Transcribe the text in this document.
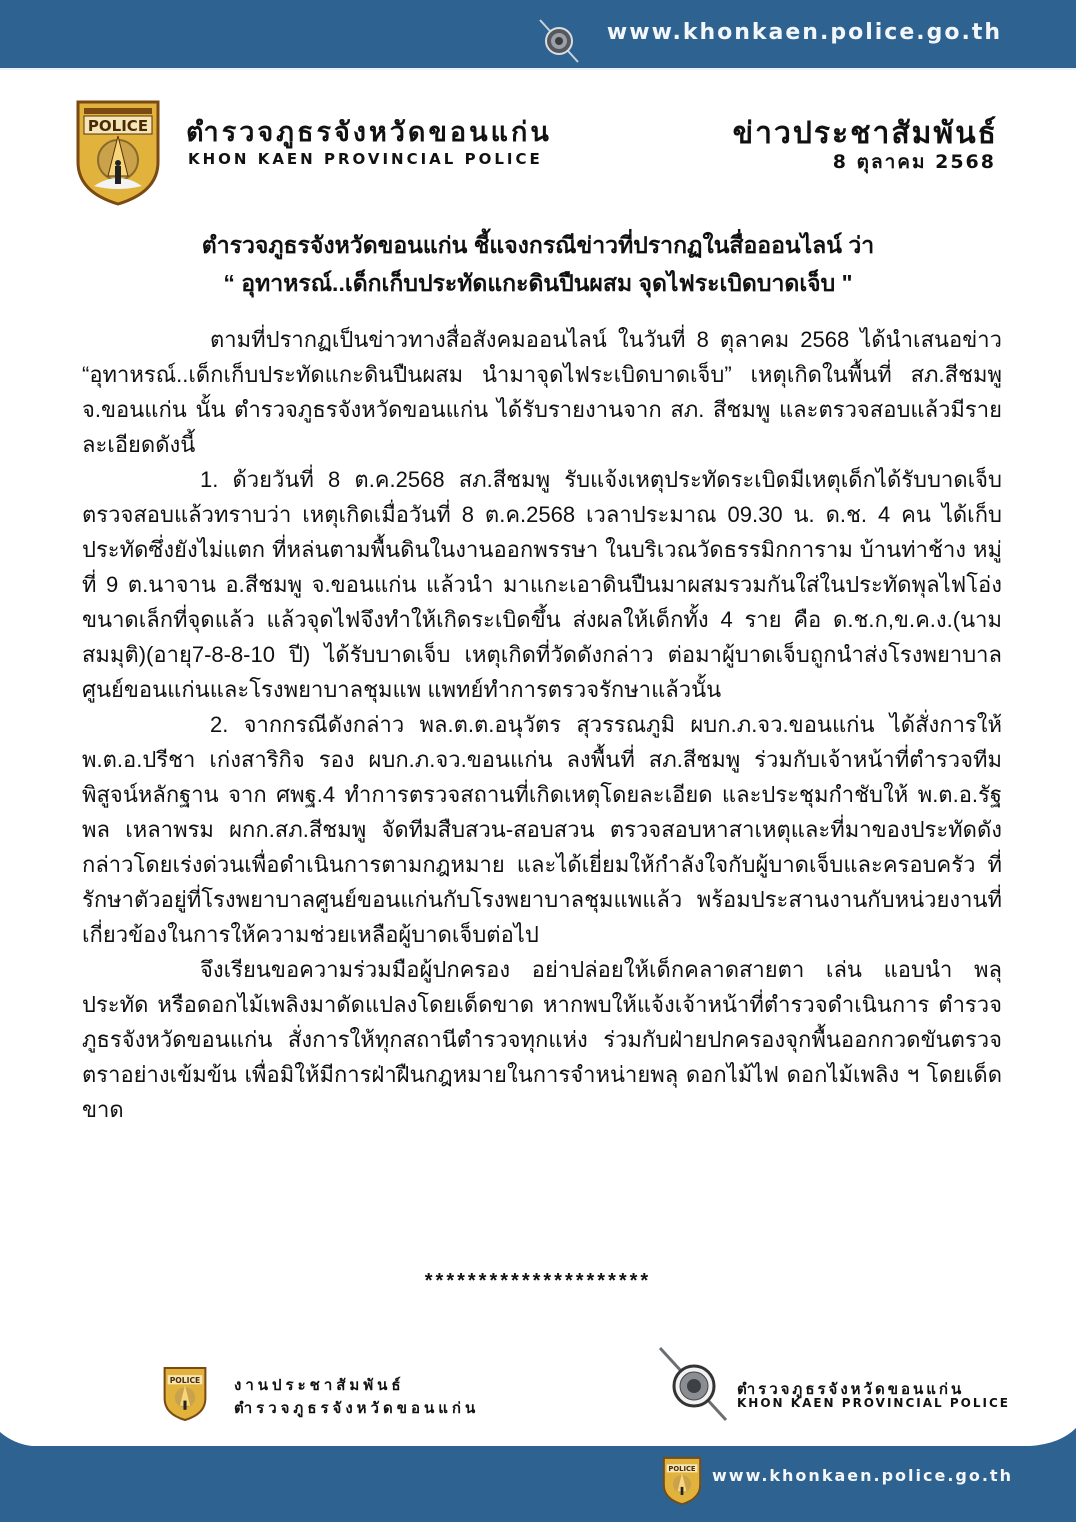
www.khonkaen.police.go.th
POLICE ตำรวจภูธรจังหวัดขอนแก่น
KHON KAEN PROVINCIAL POLICE
ข่าวประชาสัมพันธ์
8 ตุลาคม 2568
ตำรวจภูธรจังหวัดขอนแก่น ชี้แจงกรณีข่าวที่ปรากฏในสื่อออนไลน์ ว่า
“ อุทาหรณ์..เด็กเก็บประทัดแกะดินปืนผสม จุดไฟระเบิดบาดเจ็บ "

ตามที่ปรากฏเป็นข่าวทางสื่อสังคมออนไลน์ ในวันที่ 8 ตุลาคม 2568 ได้นำเสนอข่าว “อุทาหรณ์..เด็กเก็บประทัดแกะดินปืนผสม นำมาจุดไฟระเบิดบาดเจ็บ” เหตุเกิดในพื้นที่ สภ.สีชมพู จ.ขอนแก่น นั้น ตำรวจภูธรจังหวัดขอนแก่น ได้รับรายงานจาก สภ. สีชมพู และตรวจสอบแล้วมีรายละเอียดดังนี้

1. ด้วยวันที่ 8 ต.ค.2568 สภ.สีชมพู รับแจ้งเหตุประทัดระเบิดมีเหตุเด็กได้รับบาดเจ็บ ตรวจสอบแล้วทราบว่า เหตุเกิดเมื่อวันที่ 8 ต.ค.2568 เวลาประมาณ 09.30 น. ด.ช. 4 คน ได้เก็บประทัดซึ่งยังไม่แตก ที่หล่นตามพื้นดินในงานออกพรรษา ในบริเวณวัดธรรมิกการาม บ้านท่าช้าง หมู่ที่ 9 ต.นาจาน อ.สีชมพู จ.ขอนแก่น แล้วนำ มาแกะเอาดินปืนมาผสมรวมกันใส่ในประทัดพุลไฟโอ่งขนาดเล็กที่จุดแล้ว แล้วจุดไฟจึงทำให้เกิดระเบิดขึ้น ส่งผลให้เด็กทั้ง 4 ราย คือ ด.ช.ก,ข.ค.ง.(นามสมมุติ)(อายุ7-8-8-10 ปี) ได้รับบาดเจ็บ เหตุเกิดที่วัดดังกล่าว ต่อมาผู้บาดเจ็บถูกนำส่งโรงพยาบาลศูนย์ขอนแก่นและโรงพยาบาลชุมแพ แพทย์ทำการตรวจรักษาแล้วนั้น

2. จากกรณีดังกล่าว พล.ต.ต.อนุวัตร สุวรรณภูมิ ผบก.ภ.จว.ขอนแก่น ได้สั่งการให้ พ.ต.อ.ปรีชา เก่งสาริกิจ รอง ผบก.ภ.จว.ขอนแก่น ลงพื้นที่ สภ.สีชมพู ร่วมกับเจ้าหน้าที่ตำรวจทีมพิสูจน์หลักฐาน จาก ศพฐ.4 ทำการตรวจสถานที่เกิดเหตุโดยละเอียด และประชุมกำชับให้ พ.ต.อ.รัฐพล เหลาพรม ผกก.สภ.สีชมพู จัดทีมสืบสวน-สอบสวน ตรวจสอบหาสาเหตุและที่มาของประทัดดังกล่าวโดยเร่งด่วนเพื่อดำเนินการตามกฎหมาย และได้เยี่ยมให้กำลังใจกับผู้บาดเจ็บและครอบครัว ที่รักษาตัวอยู่ที่โรงพยาบาลศูนย์ขอนแก่นกับโรงพยาบาลชุมแพแล้ว พร้อมประสานงานกับหน่วยงานที่เกี่ยวข้องในการให้ความช่วยเหลือผู้บาดเจ็บต่อไป

จึงเรียนขอความร่วมมือผู้ปกครอง อย่าปล่อยให้เด็กคลาดสายตา เล่น แอบนำ พลุ ประทัด หรือดอกไม้เพลิงมาดัดแปลงโดยเด็ดขาด หากพบให้แจ้งเจ้าหน้าที่ตำรวจดำเนินการ ตำรวจภูธรจังหวัดขอนแก่น สั่งการให้ทุกสถานีตำรวจทุกแห่ง ร่วมกับฝ่ายปกครองจุกพื้นออกกวดขันตรวจตราอย่างเข้มข้น เพื่อมิให้มีการฝ่าฝืนกฎหมายในการจำหน่ายพลุ ดอกไม้ไฟ ดอกไม้เพลิง ฯ โดยเด็ดขาด

*********************
POLICE งานประชาสัมพันธ์
ตำรวจภูธรจังหวัดขอนแก่น
ตำรวจภูธรจังหวัดขอนแก่น
KHON KAEN PROVINCIAL POLICE
POLICE www.khonkaen.police.go.th
